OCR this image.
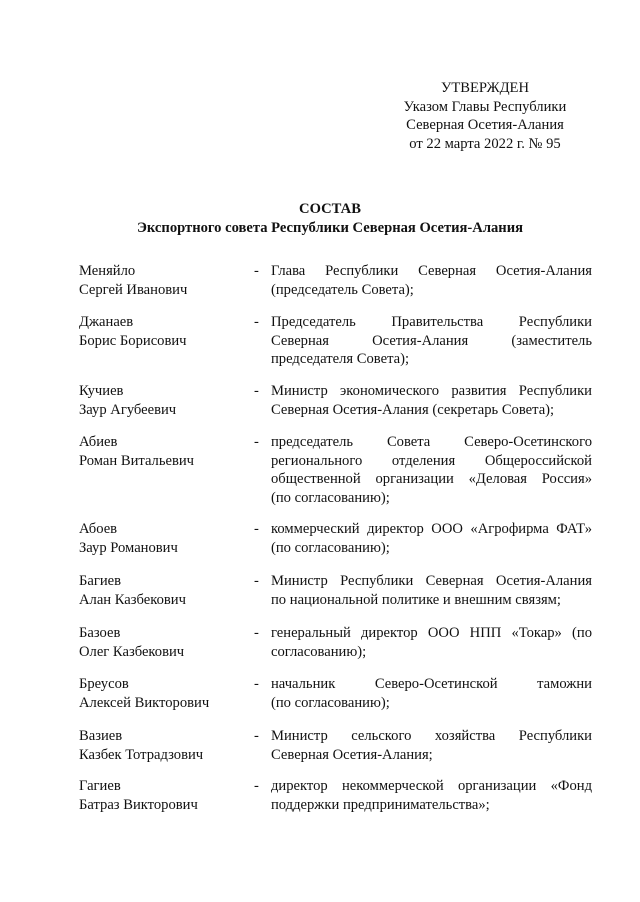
УТВЕРЖДЕН
Указом Главы Республики
Северная Осетия-Алания
от 22 марта 2022 г. № 95
СОСТАВ
Экспортного совета Республики Северная Осетия-Алания
Меняйло
Сергей Иванович
- Глава Республики Северная Осетия-Алания
(председатель Совета);
Джанаев
Борис Борисович
- Председатель Правительства Республики
Северная Осетия-Алания (заместитель
председателя Совета);
Кучиев
Заур Агубеевич
- Министр экономического развития Республики
Северная Осетия-Алания (секретарь Совета);
Абиев
Роман Витальевич
- председатель Совета Северо-Осетинского
регионального отделения Общероссийской
общественной организации «Деловая Россия»
(по согласованию);
Абоев
Заур Романович
- коммерческий директор ООО «Агрофирма ФАТ»
(по согласованию);
Багиев
Алан Казбекович
- Министр Республики Северная Осетия-Алания
по национальной политике и внешним связям;
Базоев
Олег Казбекович
- генеральный директор ООО НПП «Токар» (по
согласованию);
Бреусов
Алексей Викторович
- начальник Северо-Осетинской таможни
(по согласованию);
Вазиев
Казбек Тотрадзович
- Министр сельского хозяйства Республики
Северная Осетия-Алания;
Гагиев
Батраз Викторович
- директор некоммерческой организации «Фонд
поддержки предпринимательства»;
